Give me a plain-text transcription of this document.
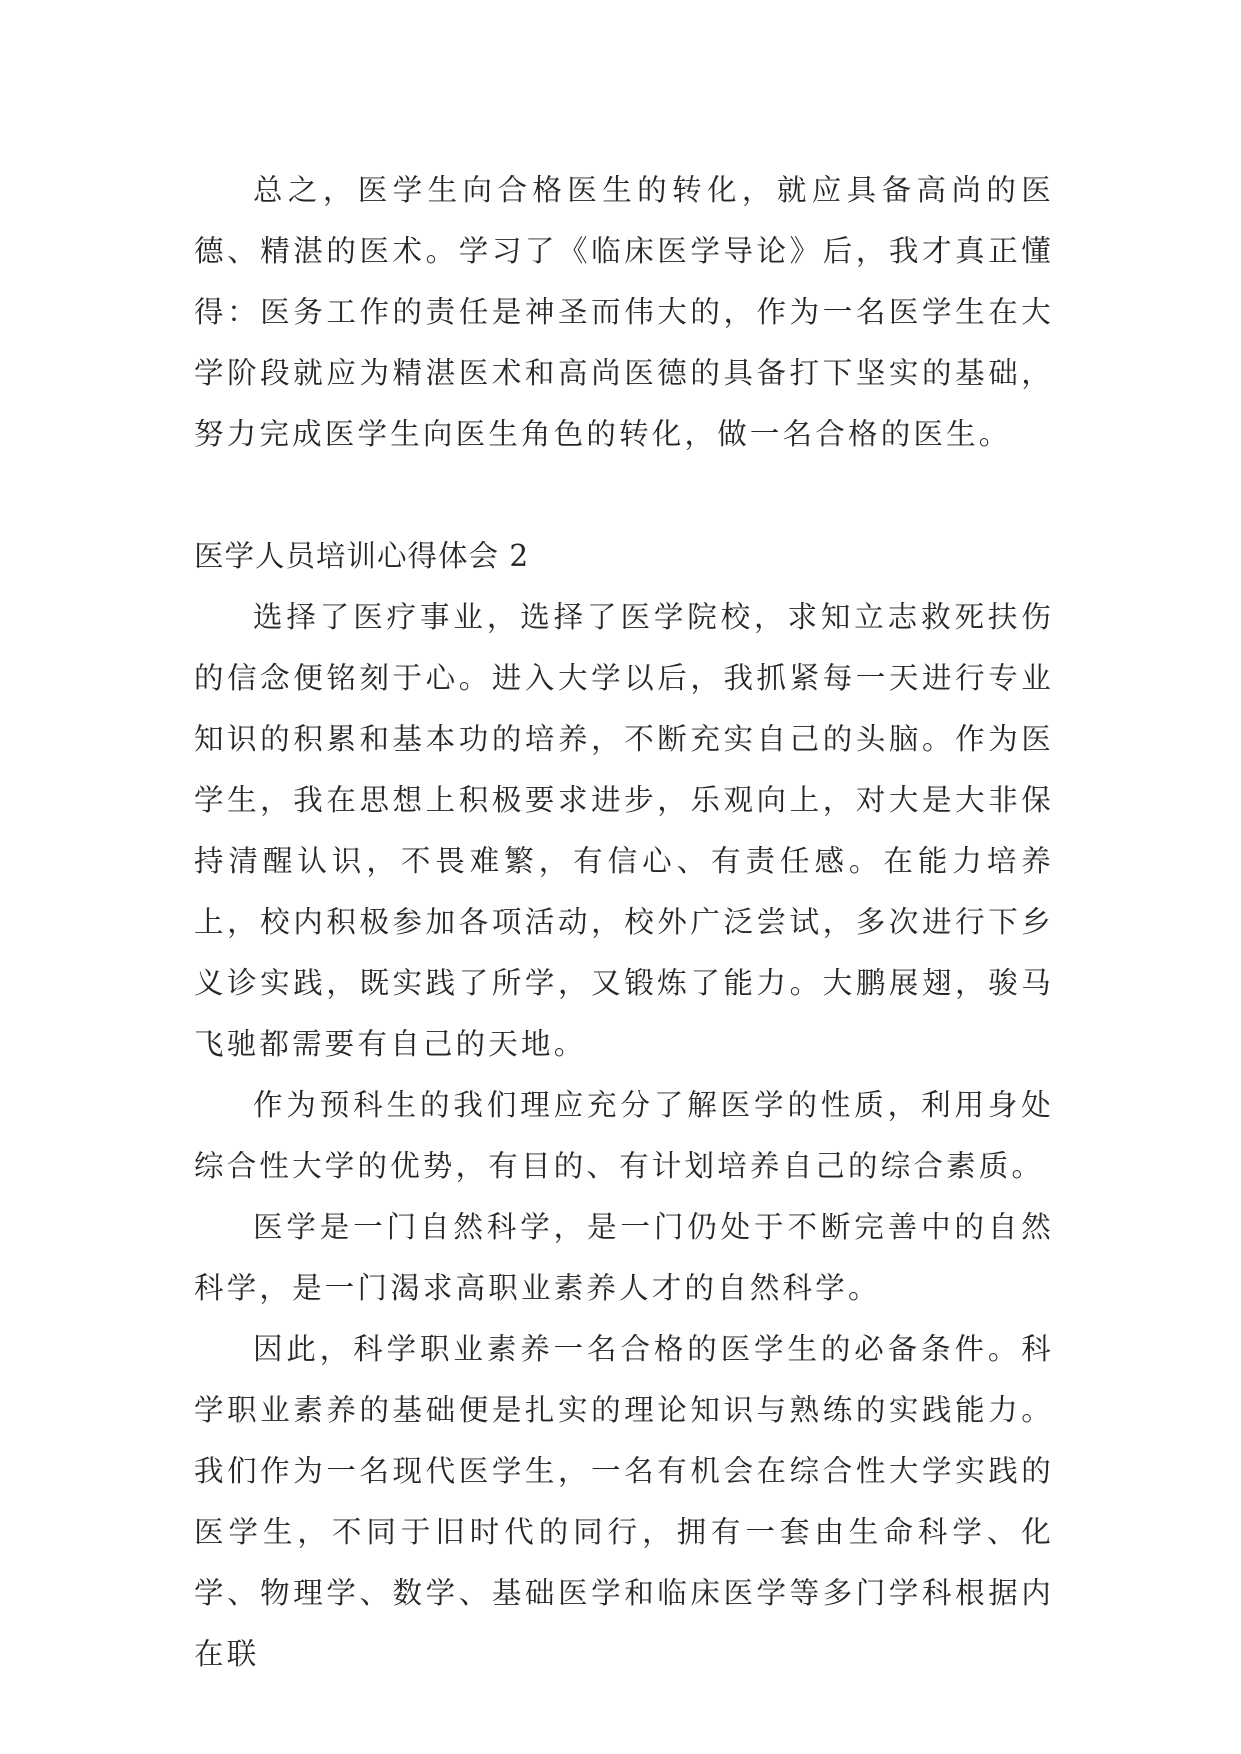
总之，医学生向合格医生的转化，就应具备高尚的医德、精湛的医术。学习了《临床医学导论》后，我才真正懂得：医务工作的责任是神圣而伟大的，作为一名医学生在大学阶段就应为精湛医术和高尚医德的具备打下坚实的基础，努力完成医学生向医生角色的转化，做一名合格的医生。

医学人员培训心得体会 2

选择了医疗事业，选择了医学院校，求知立志救死扶伤的信念便铭刻于心。进入大学以后，我抓紧每一天进行专业知识的积累和基本功的培养，不断充实自己的头脑。作为医学生，我在思想上积极要求进步，乐观向上，对大是大非保持清醒认识，不畏难繁，有信心、有责任感。在能力培养上，校内积极参加各项活动，校外广泛尝试，多次进行下乡义诊实践，既实践了所学，又锻炼了能力。大鹏展翅，骏马飞驰都需要有自己的天地。

作为预科生的我们理应充分了解医学的性质，利用身处综合性大学的优势，有目的、有计划培养自己的综合素质。

医学是一门自然科学，是一门仍处于不断完善中的自然科学，是一门渴求高职业素养人才的自然科学。

因此，科学职业素养一名合格的医学生的必备条件。科学职业素养的基础便是扎实的理论知识与熟练的实践能力。我们作为一名现代医学生，一名有机会在综合性大学实践的医学生，不同于旧时代的同行，拥有一套由生命科学、化学、物理学、数学、基础医学和临床医学等多门学科根据内在联
